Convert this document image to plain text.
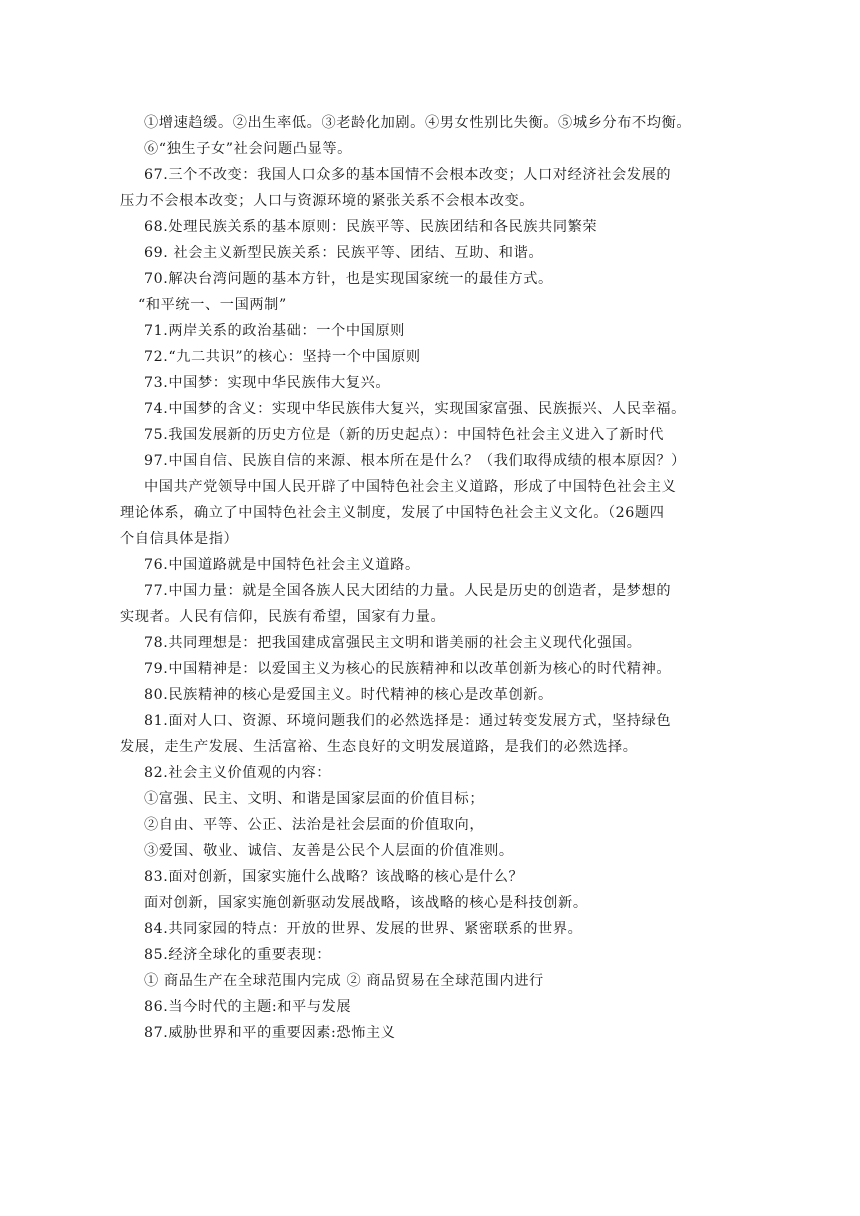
①增速趋缓。②出生率低。③老龄化加剧。④男女性别比失衡。⑤城乡分布不均衡。
⑥“独生子女”社会问题凸显等。
67.三个不改变：我国人口众多的基本国情不会根本改变；人口对经济社会发展的
压力不会根本改变；人口与资源环境的紧张关系不会根本改变。
68.处理民族关系的基本原则：民族平等、民族团结和各民族共同繁荣
69. 社会主义新型民族关系：民族平等、团结、互助、和谐。
70.解决台湾问题的基本方针，也是实现国家统一的最佳方式。
“和平统一、一国两制”
71.两岸关系的政治基础：一个中国原则
72.“九二共识”的核心：坚持一个中国原则
73.中国梦：实现中华民族伟大复兴。
74.中国梦的含义：实现中华民族伟大复兴，实现国家富强、民族振兴、人民幸福。
75.我国发展新的历史方位是（新的历史起点）：中国特色社会主义进入了新时代
97.中国自信、民族自信的来源、根本所在是什么？（我们取得成绩的根本原因？）
中国共产党领导中国人民开辟了中国特色社会主义道路，形成了中国特色社会主义
理论体系，确立了中国特色社会主义制度，发展了中国特色社会主义文化。（26题四
个自信具体是指）
76.中国道路就是中国特色社会主义道路。
77.中国力量：就是全国各族人民大团结的力量。人民是历史的创造者，是梦想的
实现者。人民有信仰，民族有希望，国家有力量。
78.共同理想是：把我国建成富强民主文明和谐美丽的社会主义现代化强国。
79.中国精神是：以爱国主义为核心的民族精神和以改革创新为核心的时代精神。
80.民族精神的核心是爱国主义。时代精神的核心是改革创新。
81.面对人口、资源、环境问题我们的必然选择是：通过转变发展方式，坚持绿色
发展，走生产发展、生活富裕、生态良好的文明发展道路，是我们的必然选择。
82.社会主义价值观的内容：
①富强、民主、文明、和谐是国家层面的价值目标；
②自由、平等、公正、法治是社会层面的价值取向，
③爱国、敬业、诚信、友善是公民个人层面的价值准则。
83.面对创新，国家实施什么战略？该战略的核心是什么？
面对创新，国家实施创新驱动发展战略，该战略的核心是科技创新。
84.共同家园的特点：开放的世界、发展的世界、紧密联系的世界。
85.经济全球化的重要表现：
① 商品生产在全球范围内完成 ② 商品贸易在全球范围内进行
86.当今时代的主题:和平与发展
87.威胁世界和平的重要因素:恐怖主义
